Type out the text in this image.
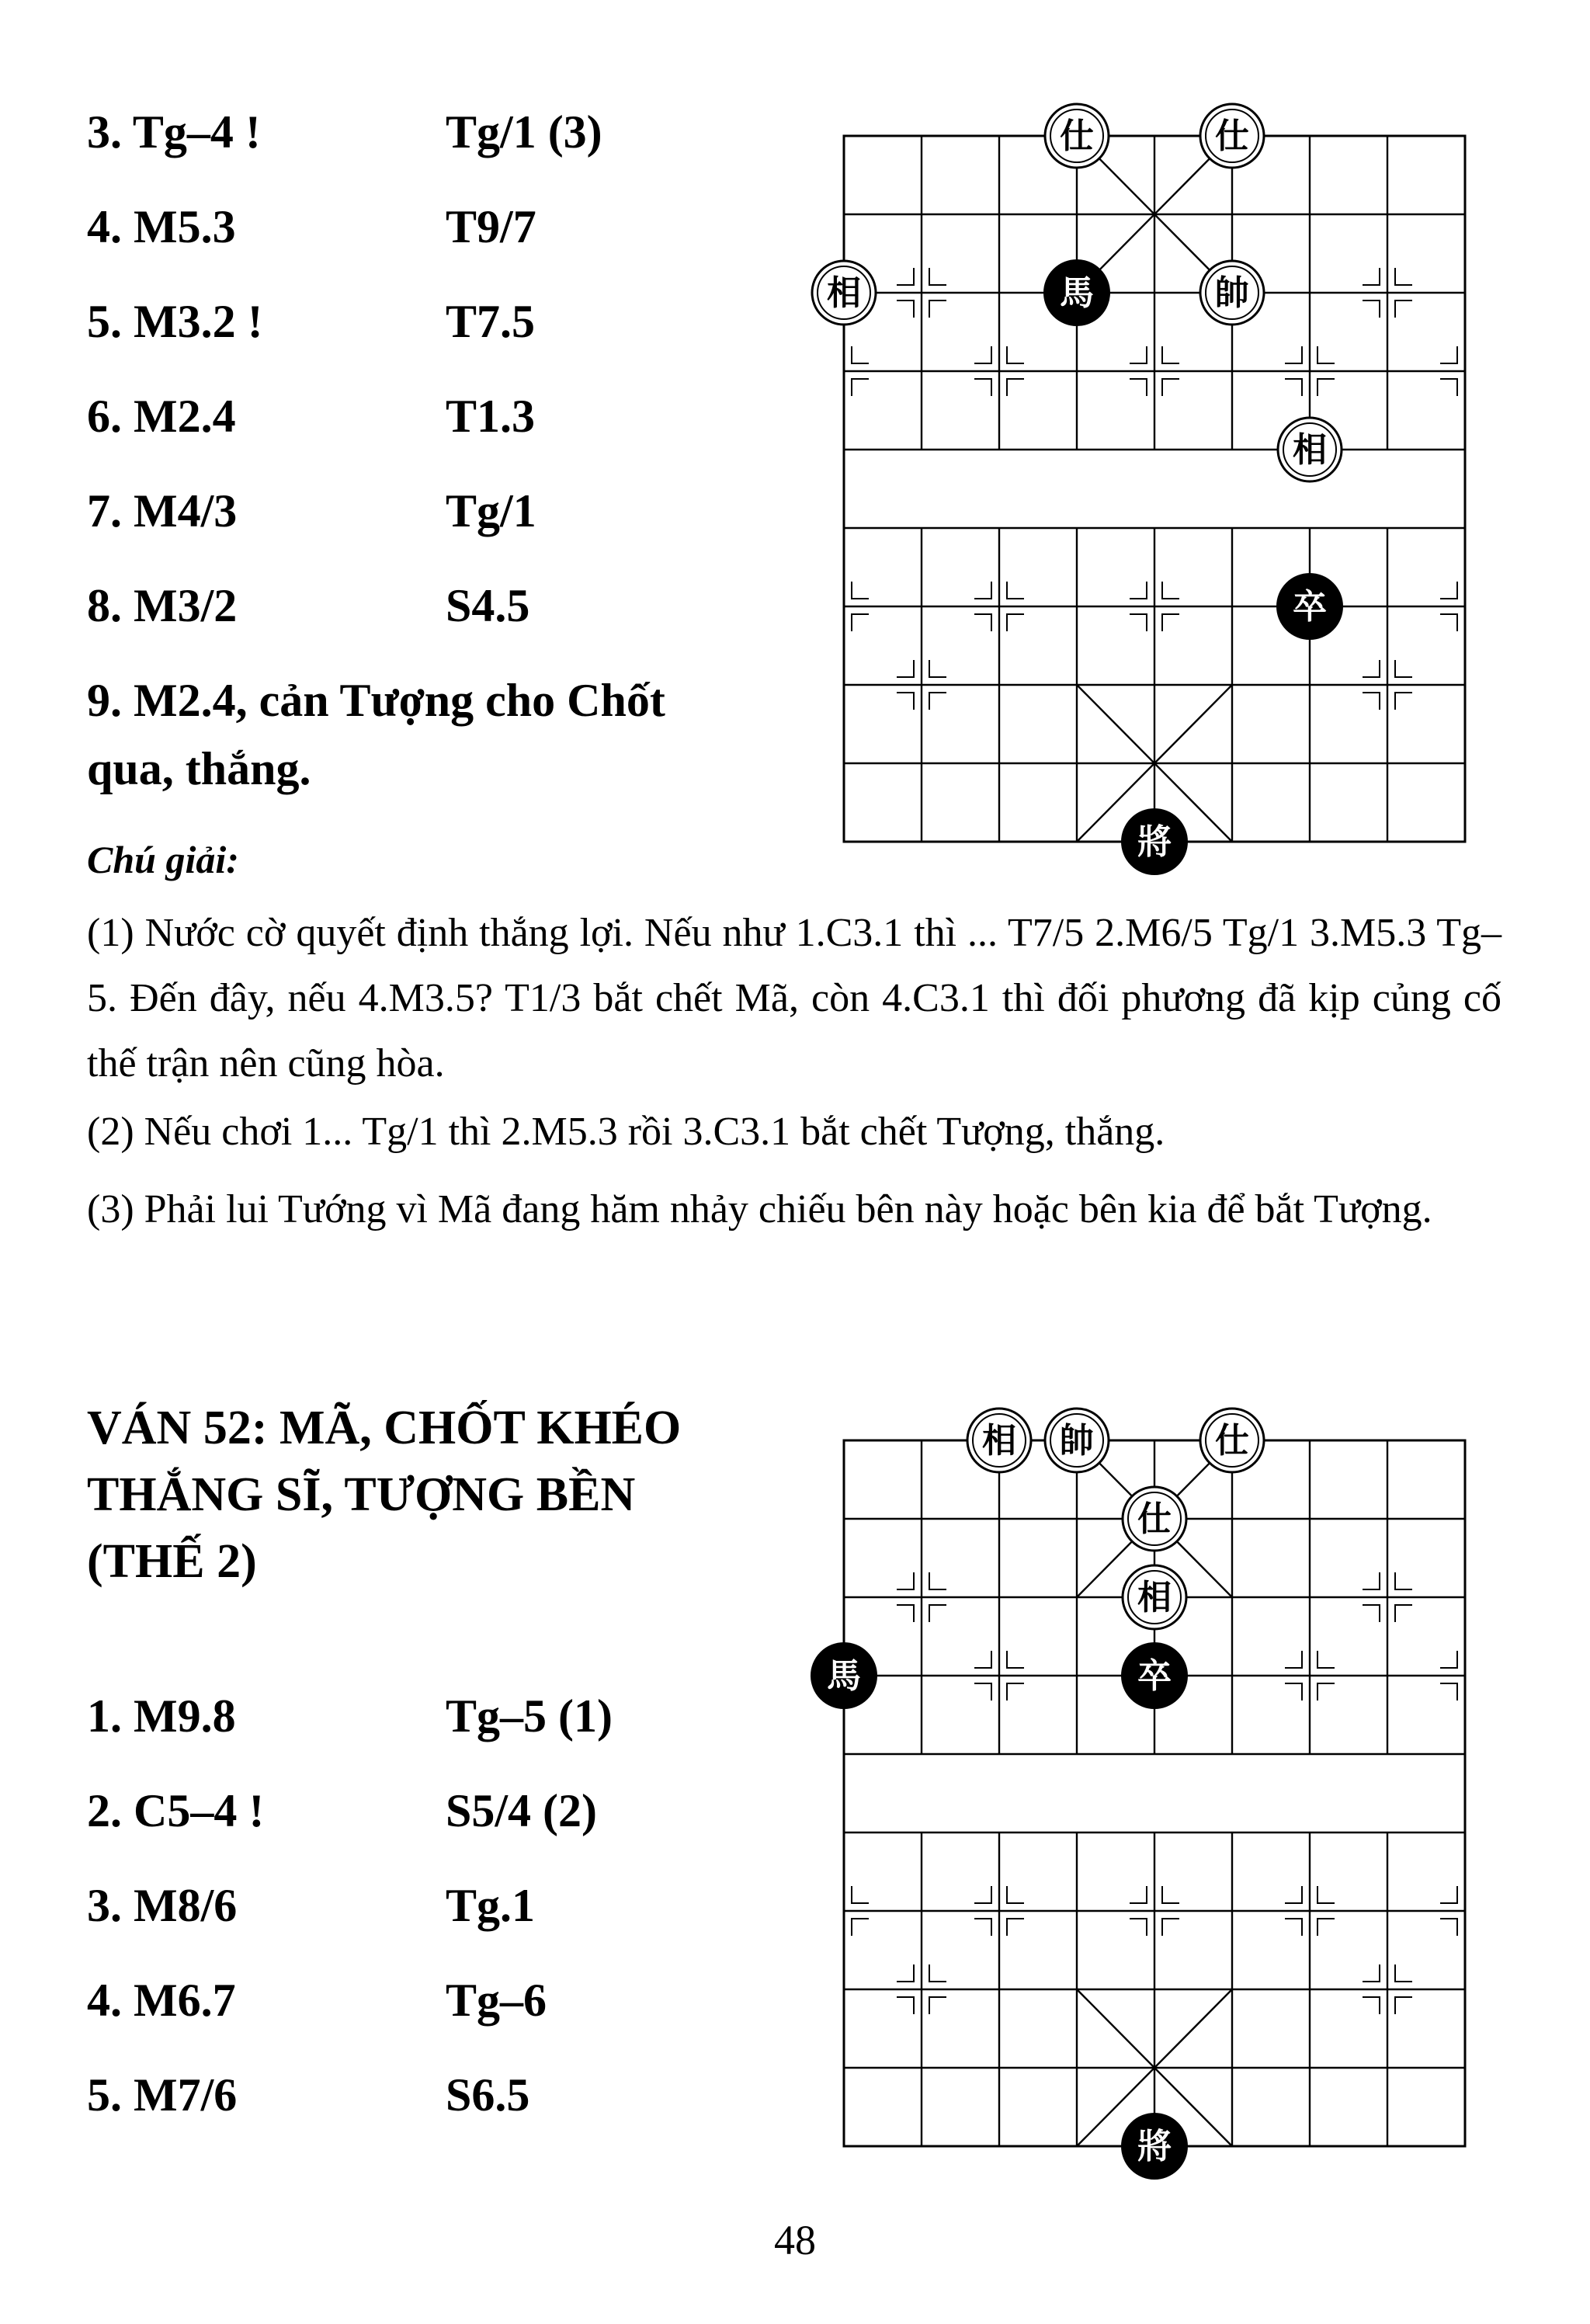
3. Tg–4 !	Tg/1 (3)
4. M5.3	T9/7
5. M3.2 !	T7.5
6. M2.4	T1.3
7. M4/3	Tg/1
8. M3/2	S4.5
9. M2.4, cản Tượng cho Chốt
qua, thắng.
Chú giải:
(1) Nước cờ quyết định thắng lợi. Nếu như 1.C3.1 thì ... T7/5 2.M6/5 Tg/1 3.M5.3 Tg–5. Đến đây, nếu 4.M3.5? T1/3 bắt chết Mã, còn 4.C3.1 thì đối phương đã kịp củng cố thế trận nên cũng hòa.
(2) Nếu chơi 1... Tg/1 thì 2.M5.3 rồi 3.C3.1 bắt chết Tượng, thắng.
(3) Phải lui Tướng vì Mã đang hăm nhảy chiếu bên này hoặc bên kia để bắt Tượng.
VÁN 52: MÃ, CHỐT KHÉO
THẮNG SĨ, TƯỢNG BỀN
(THẾ 2)
1. M9.8	Tg–5 (1)
2. C5–4 !	S5/4 (2)
3. M8/6	Tg.1
4. M6.7	Tg–6
5. M7/6	S6.5
48
仕	仕
相	馬	帥
相
卒
將
相 帥	仕
仕
相
馬	卒
將
